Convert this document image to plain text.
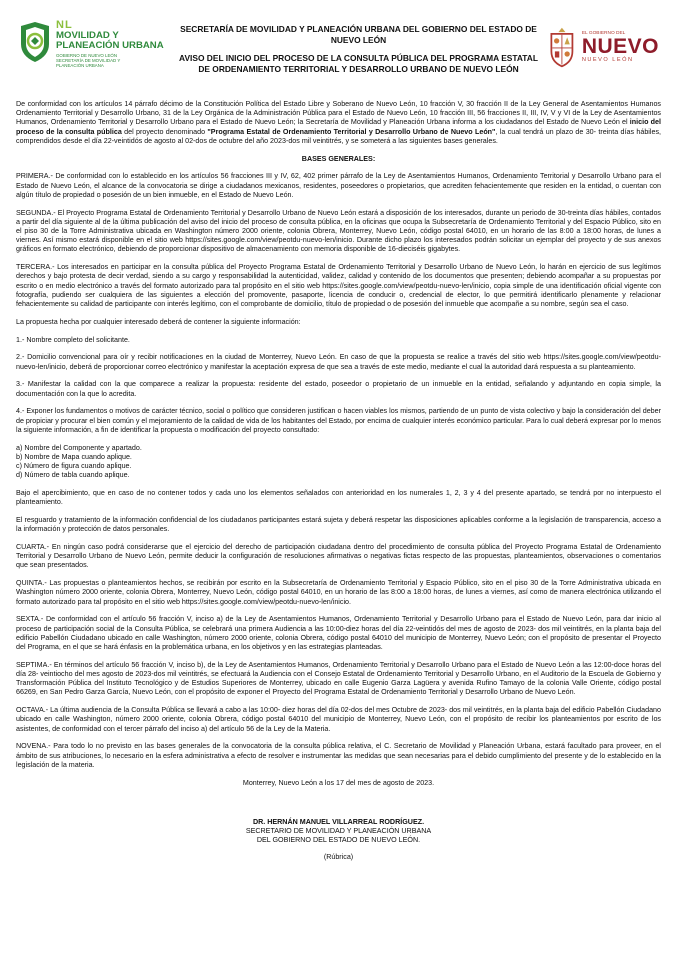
NL
MOVILIDAD Y
PLANEACIÓN URBANA
GOBIERNO DE NUEVO LEÓN SECRETARÍA DE MOVILIDAD Y PLANEACIÓN URBANA
SECRETARÍA DE MOVILIDAD Y PLANEACIÓN URBANA DEL GOBIERNO DEL ESTADO DE NUEVO LEÓN
AVISO DEL INICIO DEL PROCESO DE LA CONSULTA PÚBLICA DEL PROGRAMA ESTATAL DE ORDENAMIENTO TERRITORIAL Y DESARROLLO URBANO DE NUEVO LEÓN
EL GOBIERNO DEL
NUEVO
NUEVO LEÓN

De conformidad con los artículos 14 párrafo décimo de la Constitución Política del Estado Libre y Soberano de Nuevo León, 10 fracción V, 30 fracción II de la Ley General de Asentamientos Humanos Ordenamiento Territorial y Desarrollo Urbano, 31 de la Ley Orgánica de la Administración Pública para el Estado de Nuevo León, 10 fracción III, 56 fracciones II, III, IV, V y VI de la Ley de Asentamientos Humanos, Ordenamiento Territorial y Desarrollo Urbano para el Estado de Nuevo León; la Secretaría de Movilidad y Planeación Urbana informa a los ciudadanos del Estado de Nuevo León el inicio del proceso de la consulta pública del proyecto denominado "Programa Estatal de Ordenamiento Territorial y Desarrollo Urbano de Nuevo León", la cual tendrá un plazo de 30- treinta días hábiles, comprendidos desde el día 22-veintidós de agosto al 02-dos de octubre del año 2023-dos mil veintitrés, y se someterá a las siguientes bases generales.

BASES GENERALES:

PRIMERA.- De conformidad con lo establecido en los artículos 56 fracciones III y IV, 62, 402 primer párrafo de la Ley de Asentamientos Humanos, Ordenamiento Territorial y Desarrollo Urbano para el Estado de Nuevo León, el alcance de la convocatoria se dirige a ciudadanos mexicanos, residentes, poseedores o propietarios, que acrediten fehacientemente que residen en la entidad, o cuentan con algún título de propiedad o posesión de un bien inmueble, en el Estado de Nuevo León.

SEGUNDA.- El Proyecto Programa Estatal de Ordenamiento Territorial y Desarrollo Urbano de Nuevo León estará a disposición de los interesados, durante un periodo de 30-treinta días hábiles, contados a partir del día siguiente al de la última publicación del aviso del inicio del proceso de consulta pública, en la oficinas que ocupa la Subsecretaría de Ordenamiento Territorial y del Espacio Público, sito en el piso 30 de la Torre Administrativa ubicada en Washington número 2000 oriente, colonia Obrera, Monterrey, Nuevo León, código postal 64010, en un horario de las 8:00 a 18:00 horas, de lunes a viernes. Así mismo estará disponible en el sitio web https://sites.google.com/view/peotdu-nuevo-len/inicio. Durante dicho plazo los interesados podrán solicitar un ejemplar del proyecto y de sus anexos gráficos en formato electrónico, debiendo de proporcionar dispositivo de almacenamiento con memoria disponible de 16-dieciséis gigabytes.

TERCERA.- Los interesados en participar en la consulta pública del Proyecto Programa Estatal de Ordenamiento Territorial y Desarrollo Urbano de Nuevo León, lo harán en ejercicio de sus legítimos derechos y bajo protesta de decir verdad, siendo a su cargo y responsabilidad la autenticidad, validez, calidad y contenido de los documentos que presenten; debiendo acompañar a su propuestas por escrito o en medio electrónico a través del formato autorizado para tal propósito en el sitio web https://sites.google.com/view/peotdu-nuevo-len/inicio, copia simple de una identificación oficial vigente con fotografía, pudiendo ser cualquiera de las siguientes a elección del promovente, pasaporte, licencia de conducir o, credencial de elector, lo que permitirá identificarlo plenamente y relacionar fehacientemente su calidad de participante con interés legítimo, con el comprobante de domicilio, título de propiedad o de posesión del inmueble que acompañe a su nombre, según sea el caso.

La propuesta hecha por cualquier interesado deberá de contener la siguiente información:

1.- Nombre completo del solicitante.

2.- Domicilio convencional para oír y recibir notificaciones en la ciudad de Monterrey, Nuevo León. En caso de que la propuesta se realice a través del sitio web https://sites.google.com/view/peotdu-nuevo-len/inicio, deberá de proporcionar correo electrónico y manifestar la aceptación expresa de que sea a través de este medio, mediante el cual la autoridad dará respuesta a su planteamiento.

3.- Manifestar la calidad con la que comparece a realizar la propuesta: residente del estado, poseedor o propietario de un inmueble en la entidad, señalando y adjuntando en copia simple, la documentación con la que lo acredita.

4.- Exponer los fundamentos o motivos de carácter técnico, social o político que consideren justifican o hacen viables los mismos, partiendo de un punto de vista colectivo y bajo la consideración del deber de propiciar y procurar el bien común y el mejoramiento de la calidad de vida de los habitantes del Estado, por encima de cualquier interés económico particular. Para lo cual deberá expresar por lo menos la siguiente información, a fin de identificar la propuesta o modificación del proyecto consultado:

a) Nombre del Componente y apartado.

b) Nombre de Mapa cuando aplique.

c) Número de figura cuando aplique.

d) Número de tabla cuando aplique.

Bajo el apercibimiento, que en caso de no contener todos y cada uno los elementos señalados con anterioridad en los numerales 1, 2, 3 y 4 del presente apartado, se tendrá por no interpuesto el planteamiento.

El resguardo y tratamiento de la información confidencial de los ciudadanos participantes estará sujeta y deberá respetar las disposiciones aplicables conforme a la legislación de transparencia, acceso a la información y protección de datos personales.

CUARTA.- En ningún caso podrá considerarse que el ejercicio del derecho de participación ciudadana dentro del procedimiento de consulta pública del Proyecto Programa Estatal de Ordenamiento Territorial y Desarrollo Urbano de Nuevo León, permite deducir la configuración de resoluciones afirmativas o negativas fictas respecto de las propuestas, planteamientos, observaciones o comentarios que sean presentados.

QUINTA.- Las propuestas o planteamientos hechos, se recibirán por escrito en la Subsecretaría de Ordenamiento Territorial y Espacio Público, sito en el piso 30 de la Torre Administrativa ubicada en Washington número 2000 oriente, colonia Obrera, Monterrey, Nuevo León, código postal 64010, en un horario de las 8:00 a 18:00 horas, de lunes a viernes, así como de manera electrónica utilizando el formato autorizado para tal propósito en el sitio web https://sites.google.com/view/peotdu-nuevo-len/inicio.

SEXTA.- De conformidad con el artículo 56 fracción V, inciso a) de la Ley de Asentamientos Humanos, Ordenamiento Territorial y Desarrollo Urbano para el Estado de Nuevo León, para dar inicio al proceso de participación social de la Consulta Pública, se celebrará una primera Audiencia a las 10:00-diez horas del día 22-veintidós del mes de agosto de 2023- dos mil veintitrés, en la planta baja del edificio Pabellón Ciudadano ubicado en calle Washington, número 2000 oriente, colonia Obrera, código postal 64010 del municipio de Monterrey, Nuevo León; con el propósito de presentar el Proyecto del Programa, en el que se hará énfasis en la problemática urbana, en los objetivos y en las estrategias planteadas.

SEPTIMA.- En términos del artículo 56 fracción V, inciso b), de la Ley de Asentamientos Humanos, Ordenamiento Territorial y Desarrollo Urbano para el Estado de Nuevo León a las 12:00-doce horas del día 28- veintiocho del mes agosto de 2023-dos mil veintitrés, se efectuará la Audiencia con el Consejo Estatal de Ordenamiento Territorial y Desarrollo Urbano, en el Auditorio de la Escuela de Gobierno y Transformación Pública del Instituto Tecnológico y de Estudios Superiores de Monterrey, ubicado en calle Eugenio Garza Lagüera y avenida Rufino Tamayo de la colonia Valle Oriente, código postal 66269, en San Pedro Garza García, Nuevo León, con el propósito de exponer el Proyecto del Programa Estatal de Ordenamiento Territorial y Desarrollo Urbano de Nuevo León.

OCTAVA.- La última audiencia de la Consulta Pública se llevará a cabo a las 10:00- diez horas del día 02-dos del mes Octubre de 2023- dos mil veintitrés, en la planta baja del edificio Pabellón Ciudadano ubicado en calle Washington, número 2000 oriente, colonia Obrera, código postal 64010 del municipio de Monterrey, Nuevo León, con el propósito de recibir los planteamientos por escrito de los asistentes, de conformidad con el tercer párrafo del inciso a) del artículo 56 de la Ley de la Materia.

NOVENA.- Para todo lo no previsto en las bases generales de la convocatoria de la consulta pública relativa, el C. Secretario de Movilidad y Planeación Urbana, estará facultado para proveer, en el ámbito de sus atribuciones, lo necesario en la esfera administrativa a efecto de resolver e instrumentar las medidas que sean necesarias para el debido cumplimiento del presente y de lo establecido en la legislación de la materia.

Monterrey, Nuevo León a los 17 del mes de agosto de 2023.
DR. HERNÁN MANUEL VILLARREAL RODRÍGUEZ.
SECRETARIO DE MOVILIDAD Y PLANEACIÓN URBANA
DEL GOBIERNO DEL ESTADO DE NUEVO LEÓN.
(Rúbrica)
